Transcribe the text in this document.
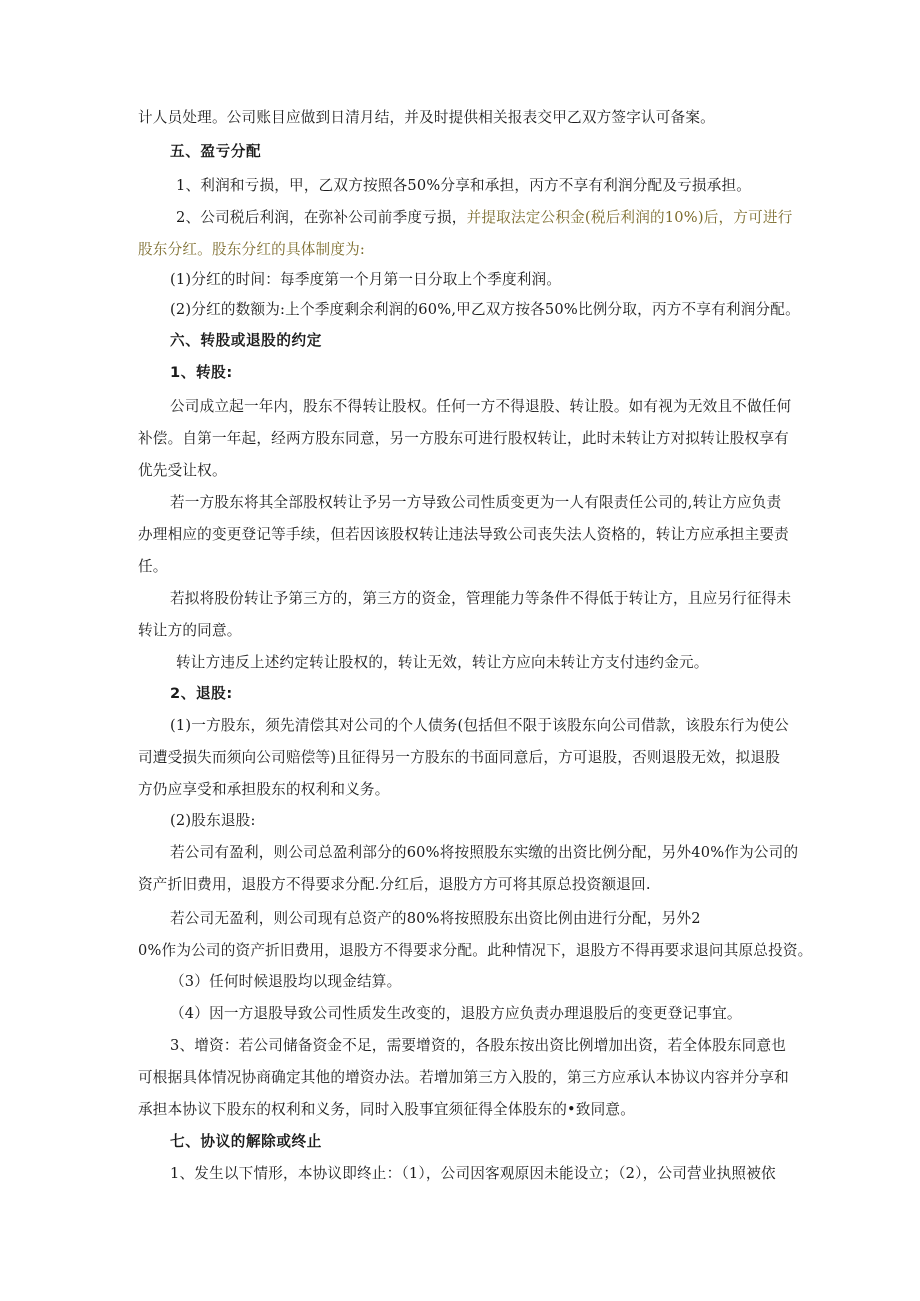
计人员处理。公司账目应做到日清月结，并及时提供相关报表交甲乙双方签字认可备案。
五、盈亏分配
1、利润和亏损，甲，乙双方按照各50%分享和承担，丙方不享有利润分配及亏损承担。
2、公司税后利润，在弥补公司前季度亏损，并提取法定公积金(税后利润的10%)后，方可进行
股东分红。股东分红的具体制度为:
(1)分红的时间：每季度第一个月第一日分取上个季度利润。
(2)分红的数额为:上个季度剩余利润的60%,甲乙双方按各50%比例分取，丙方不享有利润分配。
六、转股或退股的约定
1、转股:
公司成立起一年内，股东不得转让股权。任何一方不得退股、转让股。如有视为无效且不做任何
补偿。自第一年起，经两方股东同意，另一方股东可进行股权转让，此时未转让方对拟转让股权享有
优先受让权。
若一方股东将其全部股权转让予另一方导致公司性质变更为一人有限责任公司的,转让方应负责
办理相应的变更登记等手续，但若因该股权转让违法导致公司丧失法人资格的，转让方应承担主要责
任。
若拟将股份转让予第三方的，第三方的资金，管理能力等条件不得低于转让方，且应另行征得未
转让方的同意。
转让方违反上述约定转让股权的，转让无效，转让方应向未转让方支付违约金元。
2、退股:
(1)一方股东，须先清偿其对公司的个人债务(包括但不限于该股东向公司借款，该股东行为使公
司遭受损失而须向公司赔偿等)且征得另一方股东的书面同意后，方可退股，否则退股无效，拟退股
方仍应享受和承担股东的权利和义务。
(2)股东退股:
若公司有盈利，则公司总盈利部分的60%将按照股东实缴的出资比例分配，另外40%作为公司的
资产折旧费用，退股方不得要求分配.分红后，退股方方可将其原总投资额退回.
若公司无盈利，则公司现有总资产的80%将按照股东出资比例由进行分配，另外2
0%作为公司的资产折旧费用，退股方不得要求分配。此种情况下，退股方不得再要求退问其原总投资。
（3）任何时候退股均以现金结算。
（4）因一方退股导致公司性质发生改变的，退股方应负责办理退股后的变更登记事宜。
3、增资：若公司储备资金不足，需要增资的，各股东按出资比例增加出资，若全体股东同意也
可根据具体情况协商确定其他的增资办法。若增加第三方入股的，第三方应承认本协议内容并分享和
承担本协议下股东的权利和义务，同时入股事宜须征得全体股东的•致同意。
七、协议的解除或终止
1、发生以下情形，本协议即终止：（1），公司因客观原因未能设立；（2），公司营业执照被依
